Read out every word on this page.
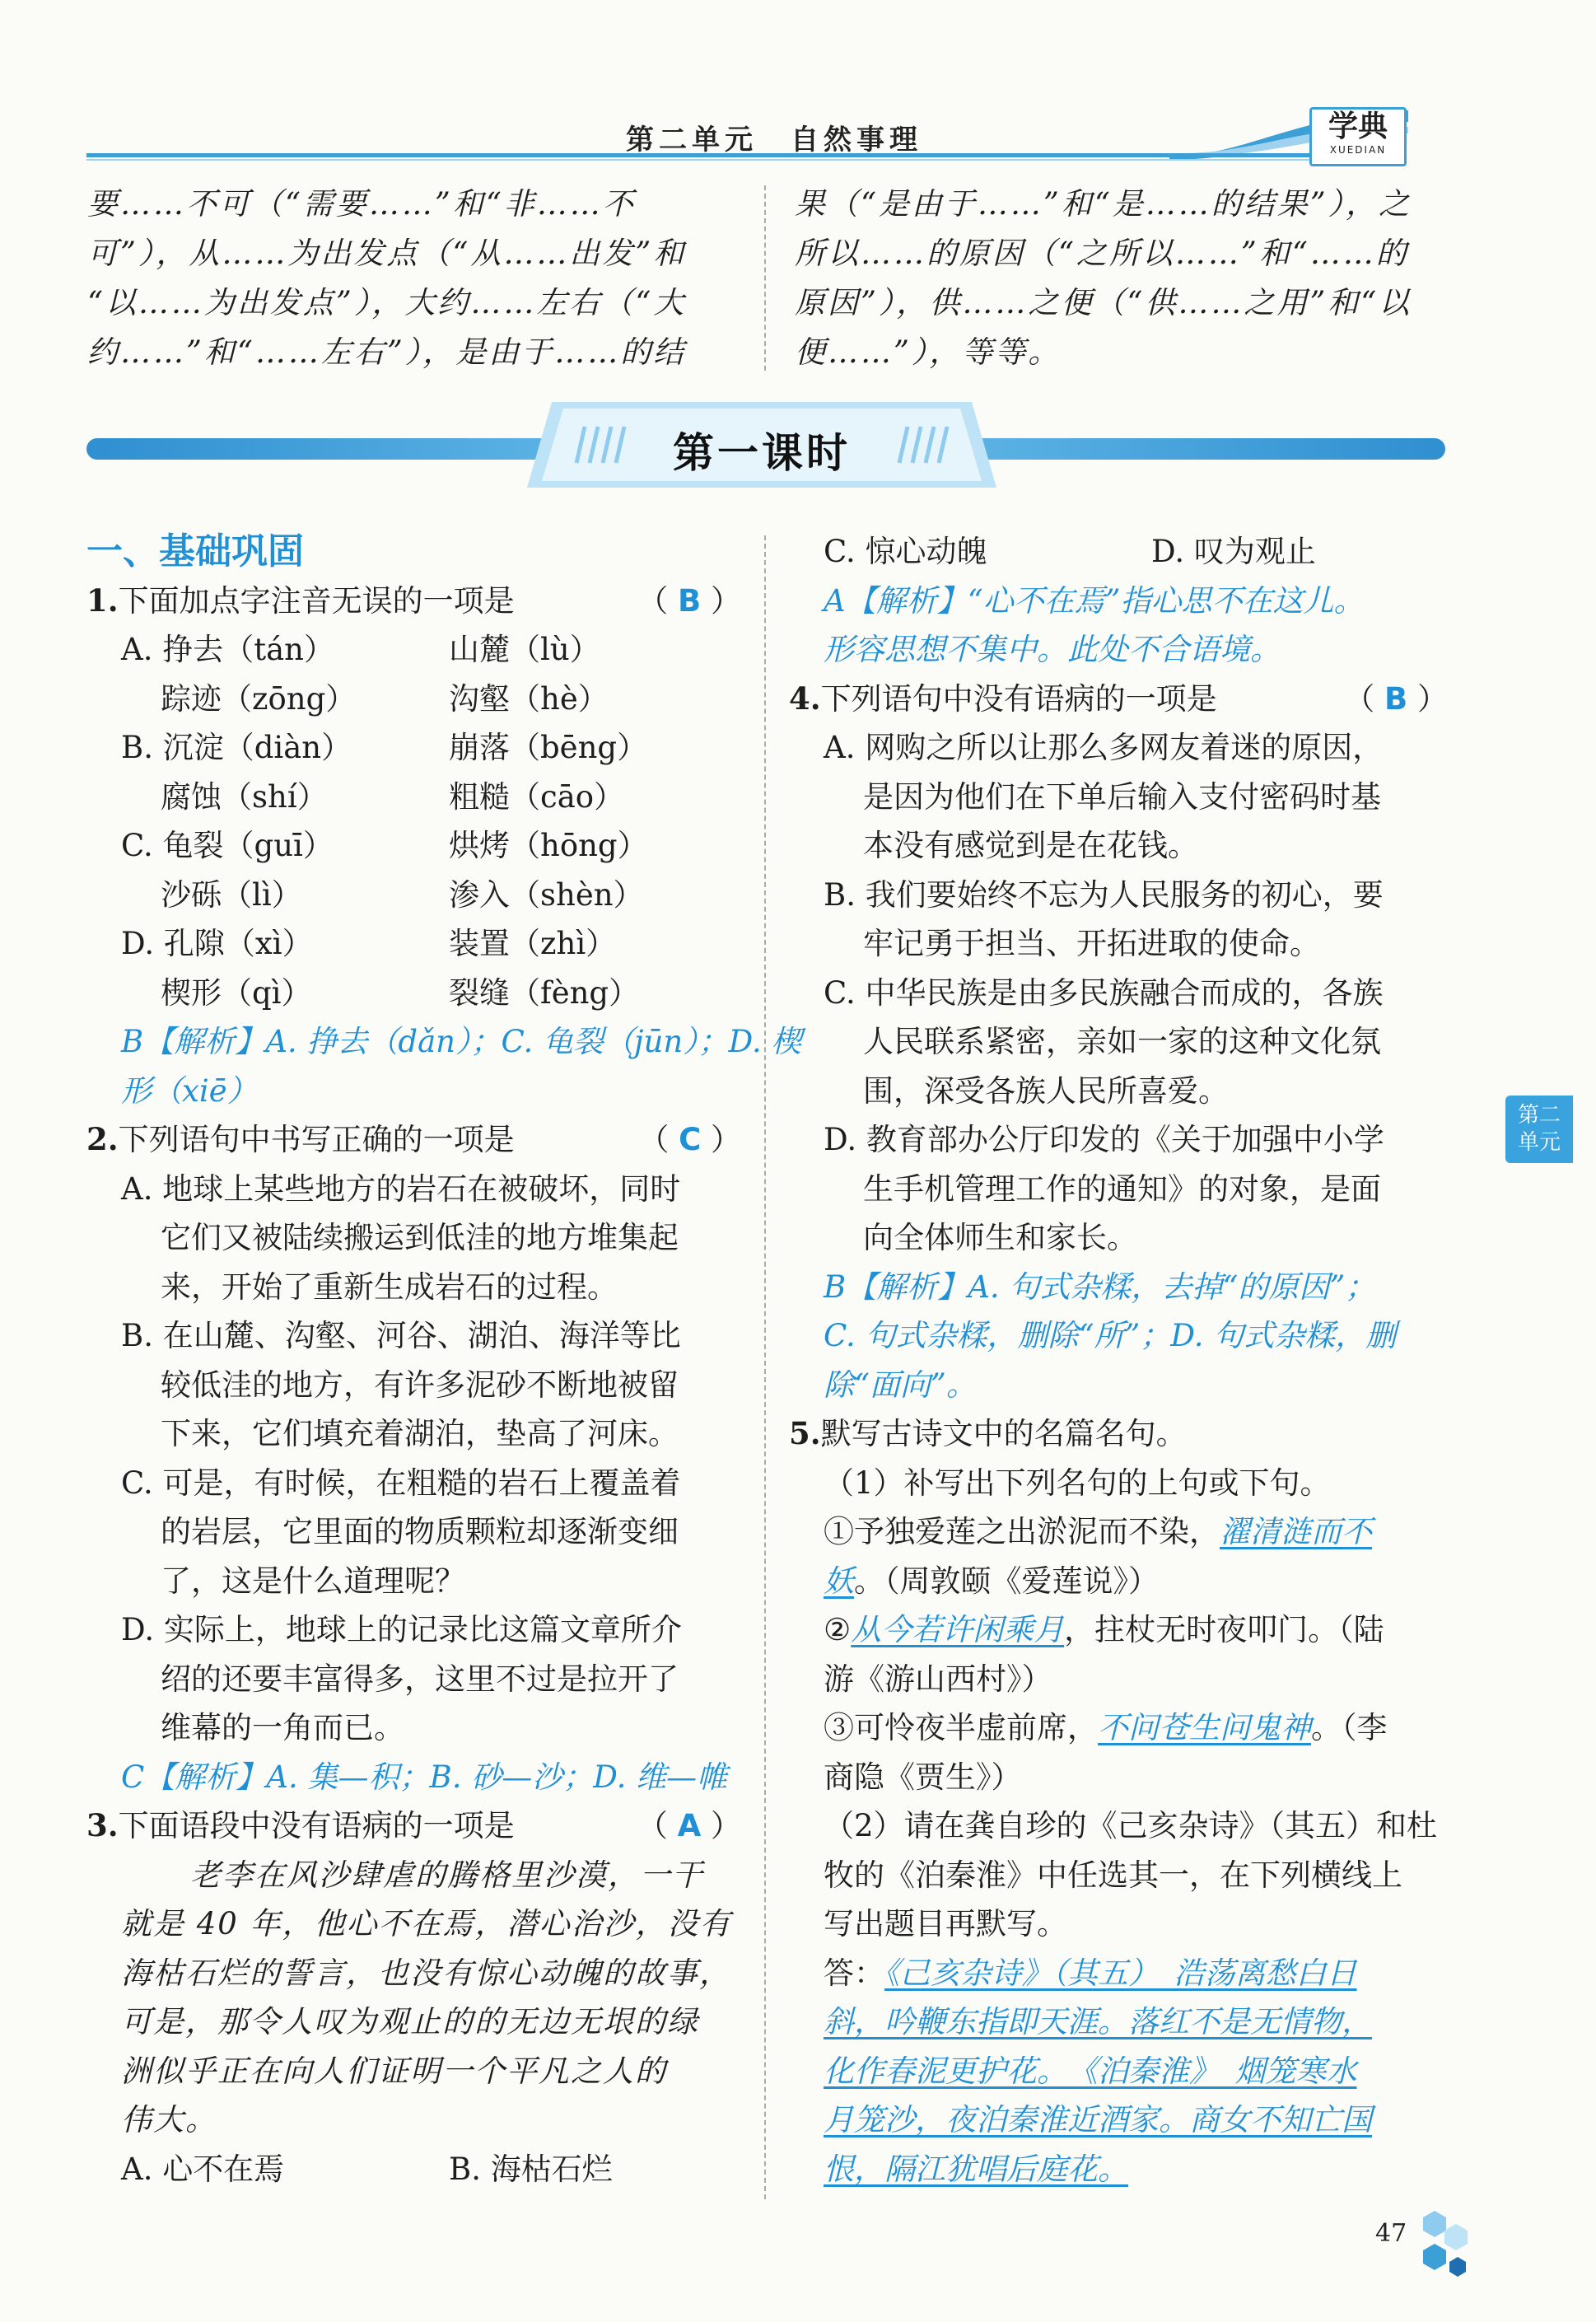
第二单元　自然事理	学典
XUEDIAN
要……不可（“需要……”和“非……不
可”），从……为出发点（“从……出发”和
“以……为出发点”），大约……左右（“大
约……”和“……左右”），是由于……的结
果（“是由于……”和“是……的结果”），之
所以……的原因（“之所以……”和“……的
原因”），供……之便（“供……之用”和“以
便……”），等等。
第一课时
一、基础巩固
1.下面加点字注音无误的一项是	（ B ）
A. 挣去（tán）	山麓（lù）
踪迹（zōng）	沟壑（hè）
B. 沉淀（diàn）	崩落（bēng）
腐蚀（shí）	粗糙（cāo）
C. 龟裂（guī）	烘烤（hōng）
沙砾（lì）	渗入（shèn）
D. 孔隙（xì）	装置（zhì）
楔形（qì）	裂缝（fèng）
B【解析】A. 挣去（dǎn）；C. 龟裂（jūn）；D. 楔
形（xiē）
2.下列语句中书写正确的一项是	（ C ）
A. 地球上某些地方的岩石在被破坏，同时
它们又被陆续搬运到低洼的地方堆集起
来，开始了重新生成岩石的过程。
B. 在山麓、沟壑、河谷、湖泊、海洋等比
较低洼的地方，有许多泥砂不断地被留
下来，它们填充着湖泊，垫高了河床。
C. 可是，有时候，在粗糙的岩石上覆盖着
的岩层，它里面的物质颗粒却逐渐变细
了，这是什么道理呢？
D. 实际上，地球上的记录比这篇文章所介
绍的还要丰富得多，这里不过是拉开了
维幕的一角而已。
C【解析】A. 集—积；B. 砂—沙；D. 维—帷
3.下面语段中没有语病的一项是	（ A ）
老李在风沙肆虐的腾格里沙漠，一干
就是 40 年，他心不在焉，潜心治沙，没有
海枯石烂的誓言，也没有惊心动魄的故事，
可是，那令人叹为观止的的无边无垠的绿
洲似乎正在向人们证明一个平凡之人的
伟大。
A. 心不在焉	B. 海枯石烂
C. 惊心动魄	D. 叹为观止
A【解析】“心不在焉”指心思不在这儿。
形容思想不集中。此处不合语境。
4.下列语句中没有语病的一项是	（ B ）
A. 网购之所以让那么多网友着迷的原因，
是因为他们在下单后输入支付密码时基
本没有感觉到是在花钱。
B. 我们要始终不忘为人民服务的初心，要
牢记勇于担当、开拓进取的使命。
C. 中华民族是由多民族融合而成的，各族
人民联系紧密，亲如一家的这种文化氛
围，深受各族人民所喜爱。
D. 教育部办公厅印发的《关于加强中小学
生手机管理工作的通知》的对象，是面
向全体师生和家长。
B【解析】A. 句式杂糅，去掉“的原因”；
C. 句式杂糅，删除“所”；D. 句式杂糅，删
除“面向”。
5.默写古诗文中的名篇名句。
（1）补写出下列名句的上句或下句。
①予独爱莲之出淤泥而不染，濯清涟而不
妖。（周敦颐《爱莲说》）
②从今若许闲乘月，拄杖无时夜叩门。（陆
游《游山西村》）
③可怜夜半虚前席，不问苍生问鬼神。（李
商隐《贾生》）
（2）请在龚自珍的《己亥杂诗》（其五）和杜
牧的《泊秦淮》中任选其一，在下列横线上
写出题目再默写。
答：《己亥杂诗》（其五）　浩荡离愁白日
斜，吟鞭东指即天涯。落红不是无情物，
化作春泥更护花。　《泊秦淮》　烟笼寒水
月笼沙，夜泊秦淮近酒家。商女不知亡国
恨，隔江犹唱后庭花。
第二
单元
47
